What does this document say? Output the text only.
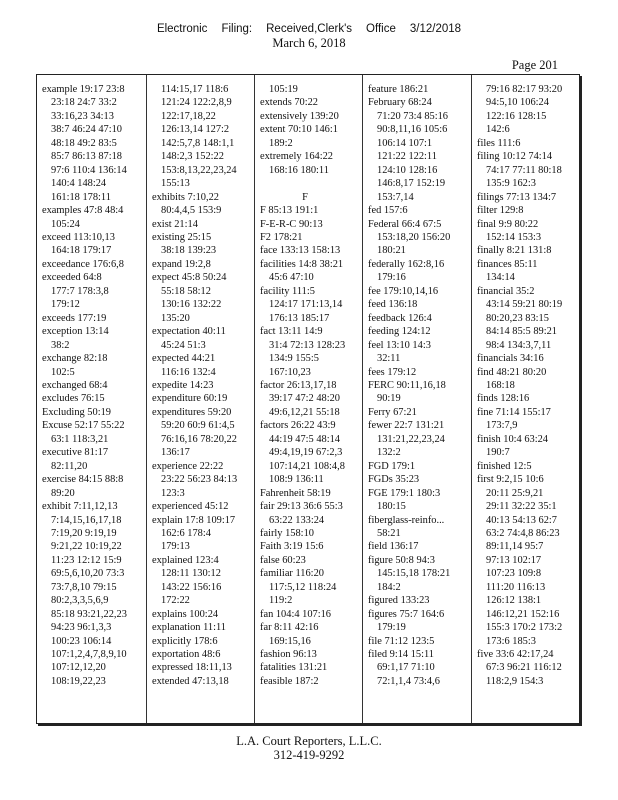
Electronic Filing: Received,Clerk's Office 3/12/2018
March 6, 2018
Page 201
example 19:17 23:8
23:18 24:7 33:2
33:16,23 34:13
38:7 46:24 47:10
48:18 49:2 83:5
85:7 86:13 87:18
97:6 110:4 136:14
140:4 148:24
161:18 178:11
examples 47:8 48:4
105:24
exceed 113:10,13
164:18 179:17
exceedance 176:6,8
exceeded 64:8
177:7 178:3,8
179:12
exceeds 177:19
exception 13:14
38:2
exchange 82:18
102:5
exchanged 68:4
excludes 76:15
Excluding 50:19
Excuse 52:17 55:22
63:1 118:3,21
executive 81:17
82:11,20
exercise 84:15 88:8
89:20
exhibit 7:11,12,13
7:14,15,16,17,18
7:19,20 9:19,19
9:21,22 10:19,22
11:23 12:12 15:9
69:5,6,10,20 73:3
73:7,8,10 79:15
80:2,3,3,5,6,9
85:18 93:21,22,23
94:23 96:1,3,3
100:23 106:14
107:1,2,4,7,8,9,10
107:12,12,20
108:19,22,23
114:15,17 118:6
121:24 122:2,8,9
122:17,18,22
126:13,14 127:2
142:5,7,8 148:1,1
148:2,3 152:22
153:8,13,22,23,24
155:13
exhibits 7:10,22
80:4,4,5 153:9
exist 21:14
existing 25:15
38:18 139:23
expand 19:2,8
expect 45:8 50:24
55:18 58:12
130:16 132:22
135:20
expectation 40:11
45:24 51:3
expected 44:21
116:16 132:4
expedite 14:23
expenditure 60:19
expenditures 59:20
59:20 60:9 61:4,5
76:16,16 78:20,22
136:17
experience 22:22
23:22 56:23 84:13
123:3
experienced 45:12
explain 17:8 109:17
162:6 178:4
179:13
explained 123:4
128:11 130:12
143:22 156:16
172:22
explains 100:24
explanation 11:11
explicitly 178:6
exportation 48:6
expressed 18:11,13
extended 47:13,18
105:19
extends 70:22
extensively 139:20
extent 70:10 146:1
189:2
extremely 164:22
168:16 180:11

F
F 85:13 191:1
F-E-R-C 90:13
F2 178:21
face 133:13 158:13
facilities 14:8 38:21
45:6 47:10
facility 111:5
124:17 171:13,14
176:13 185:17
fact 13:11 14:9
31:4 72:13 128:23
134:9 155:5
167:10,23
factor 26:13,17,18
39:17 47:2 48:20
49:6,12,21 55:18
factors 26:22 43:9
44:19 47:5 48:14
49:4,19,19 67:2,3
107:14,21 108:4,8
108:9 136:11
Fahrenheit 58:19
fair 29:13 36:6 55:3
63:22 133:24
fairly 158:10
Faith 3:19 15:6
false 60:23
familiar 116:20
117:5,12 118:24
119:2
fan 104:4 107:16
far 8:11 42:16
169:15,16
fashion 96:13
fatalities 131:21
feasible 187:2
feature 186:21
February 68:24
71:20 73:4 85:16
90:8,11,16 105:6
106:14 107:1
121:22 122:11
124:10 128:16
146:8,17 152:19
153:7,14
fed 157:6
Federal 66:4 67:5
153:18,20 156:20
180:21
federally 162:8,16
179:16
fee 179:10,14,16
feed 136:18
feedback 126:4
feeding 124:12
feel 13:10 14:3
32:11
fees 179:12
FERC 90:11,16,18
90:19
Ferry 67:21
fewer 22:7 131:21
131:21,22,23,24
132:2
FGD 179:1
FGDs 35:23
FGE 179:1 180:3
180:15
fiberglass-reinfo...
58:21
field 136:17
figure 50:8 94:3
145:15,18 178:21
184:2
figured 133:23
figures 75:7 164:6
179:19
file 71:12 123:5
filed 9:14 15:11
69:1,17 71:10
72:1,1,4 73:4,6
79:16 82:17 93:20
94:5,10 106:24
122:16 128:15
142:6
files 111:6
filing 10:12 74:14
74:17 77:11 80:18
135:9 162:3
filings 77:13 134:7
filter 129:8
final 9:9 80:22
152:14 153:3
finally 8:21 131:8
finances 85:11
134:14
financial 35:2
43:14 59:21 80:19
80:20,23 83:15
84:14 85:5 89:21
98:4 134:3,7,11
financials 34:16
find 48:21 80:20
168:18
finds 128:16
fine 71:14 155:17
173:7,9
finish 10:4 63:24
190:7
finished 12:5
first 9:2,15 10:6
20:11 25:9,21
29:11 32:22 35:1
40:13 54:13 62:7
63:2 74:4,8 86:23
89:11,14 95:7
97:13 102:17
107:23 109:8
111:20 116:13
126:12 138:1
146:12,21 152:16
155:3 170:2 173:2
173:6 185:3
five 33:6 42:17,24
67:3 96:21 116:12
118:2,9 154:3
L.A. Court Reporters, L.L.C.
312-419-9292
